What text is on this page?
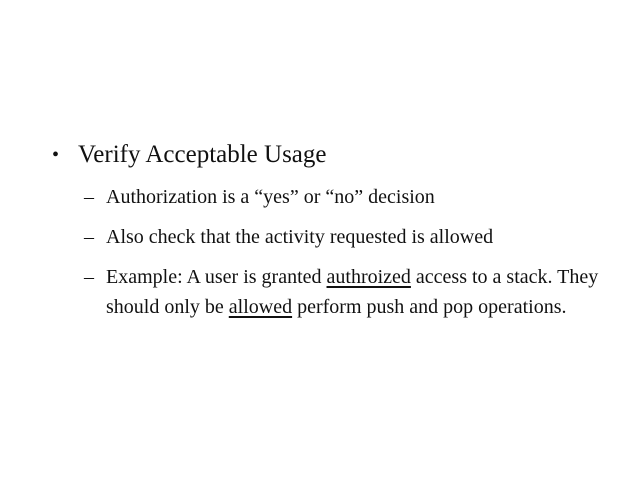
• Verify Acceptable Usage
– Authorization is a “yes” or “no” decision
– Also check that the activity requested is allowed
– Example: A user is granted authroized access to a stack. They should only be allowed perform push and pop operations.
